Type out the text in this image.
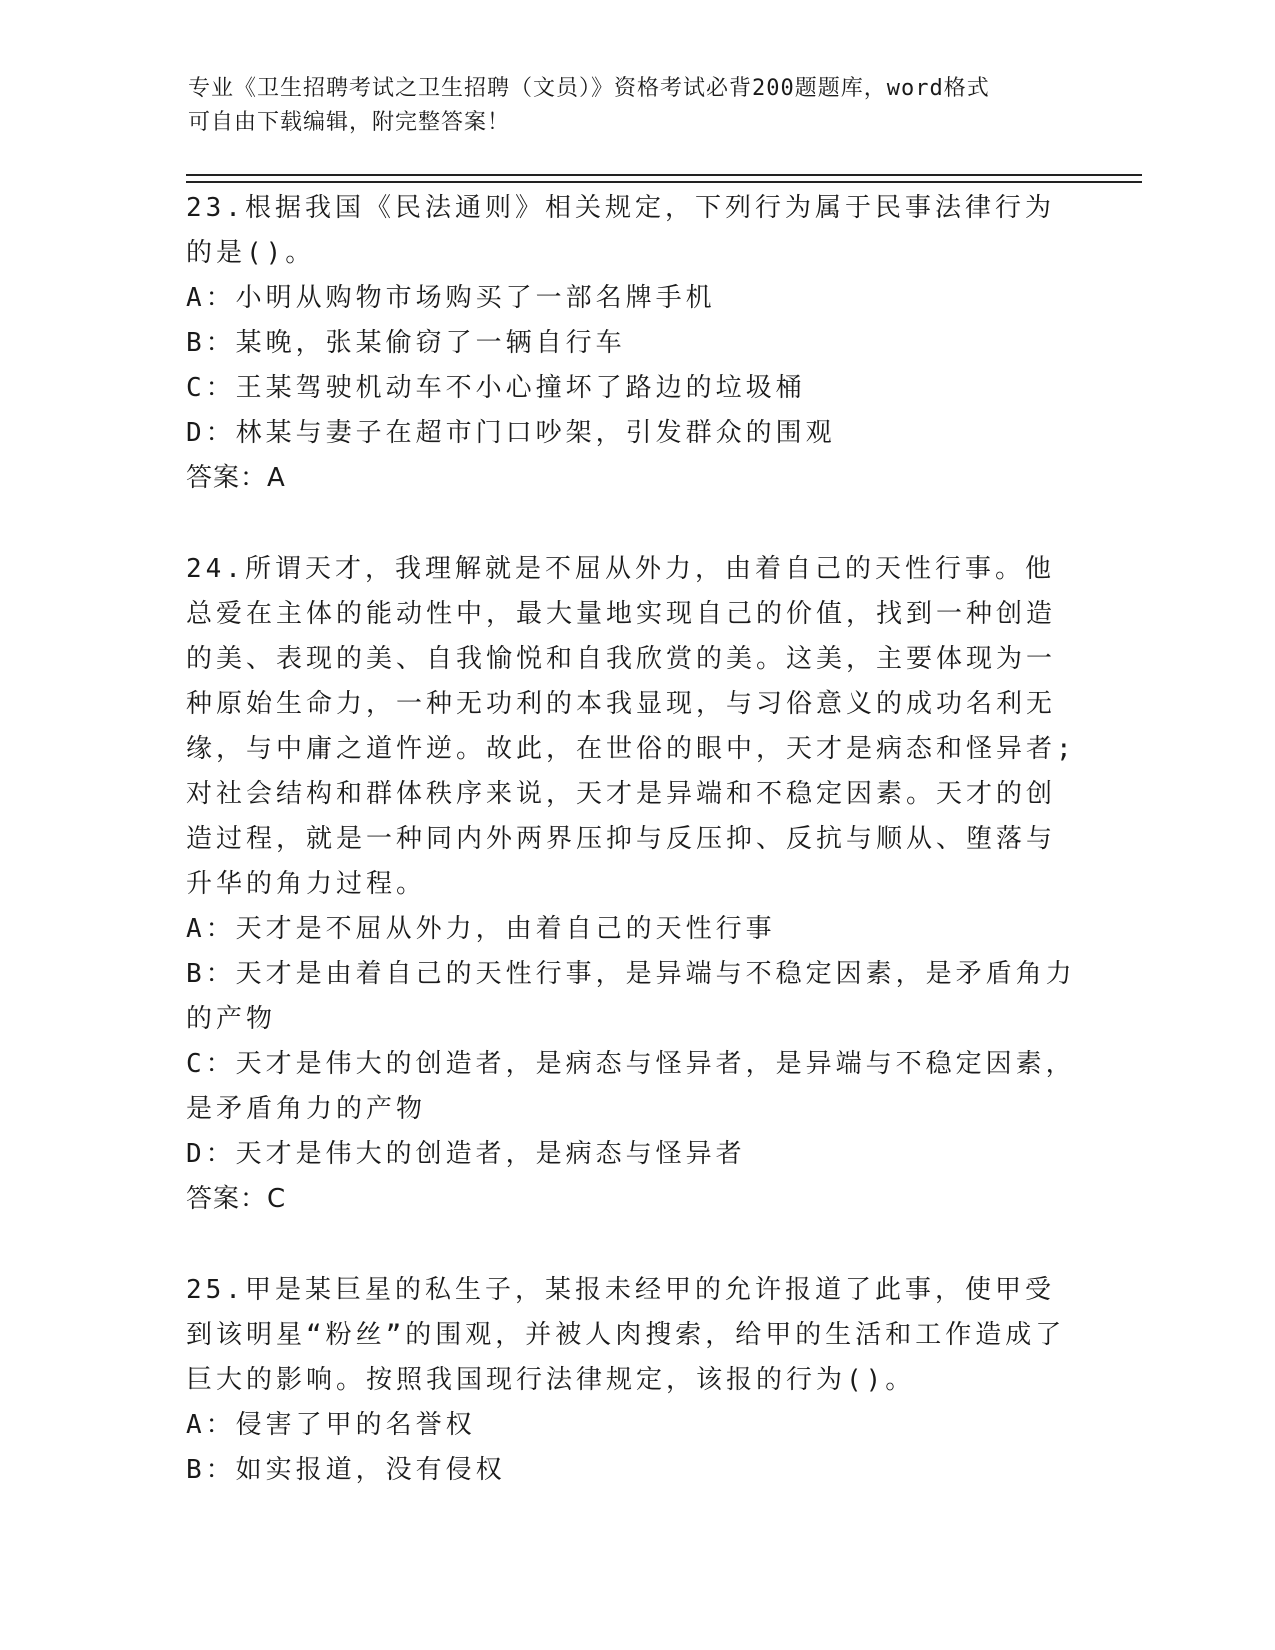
专业《卫生招聘考试之卫生招聘（文员）》资格考试必背200题题库，word格式
可自由下载编辑，附完整答案！
23.根据我国《民法通则》相关规定，下列行为属于民事法律行为的是()。
A：小明从购物市场购买了一部名牌手机
B：某晚，张某偷窃了一辆自行车
C：王某驾驶机动车不小心撞坏了路边的垃圾桶
D：林某与妻子在超市门口吵架，引发群众的围观
答案：A
24.所谓天才，我理解就是不屈从外力，由着自己的天性行事。他总爱在主体的能动性中，最大量地实现自己的价值，找到一种创造的美、表现的美、自我愉悦和自我欣赏的美。这美，主要体现为一种原始生命力，一种无功利的本我显现，与习俗意义的成功名利无缘，与中庸之道忤逆。故此，在世俗的眼中，天才是病态和怪异者;对社会结构和群体秩序来说，天才是异端和不稳定因素。天才的创造过程，就是一种同内外两界压抑与反压抑、反抗与顺从、堕落与升华的角力过程。
A：天才是不屈从外力，由着自己的天性行事
B：天才是由着自己的天性行事，是异端与不稳定因素，是矛盾角力的产物
C：天才是伟大的创造者，是病态与怪异者，是异端与不稳定因素，是矛盾角力的产物
D：天才是伟大的创造者，是病态与怪异者
答案：C
25.甲是某巨星的私生子，某报未经甲的允许报道了此事，使甲受到该明星“粉丝”的围观，并被人肉搜索，给甲的生活和工作造成了巨大的影响。按照我国现行法律规定，该报的行为()。
A：侵害了甲的名誉权
B：如实报道，没有侵权
